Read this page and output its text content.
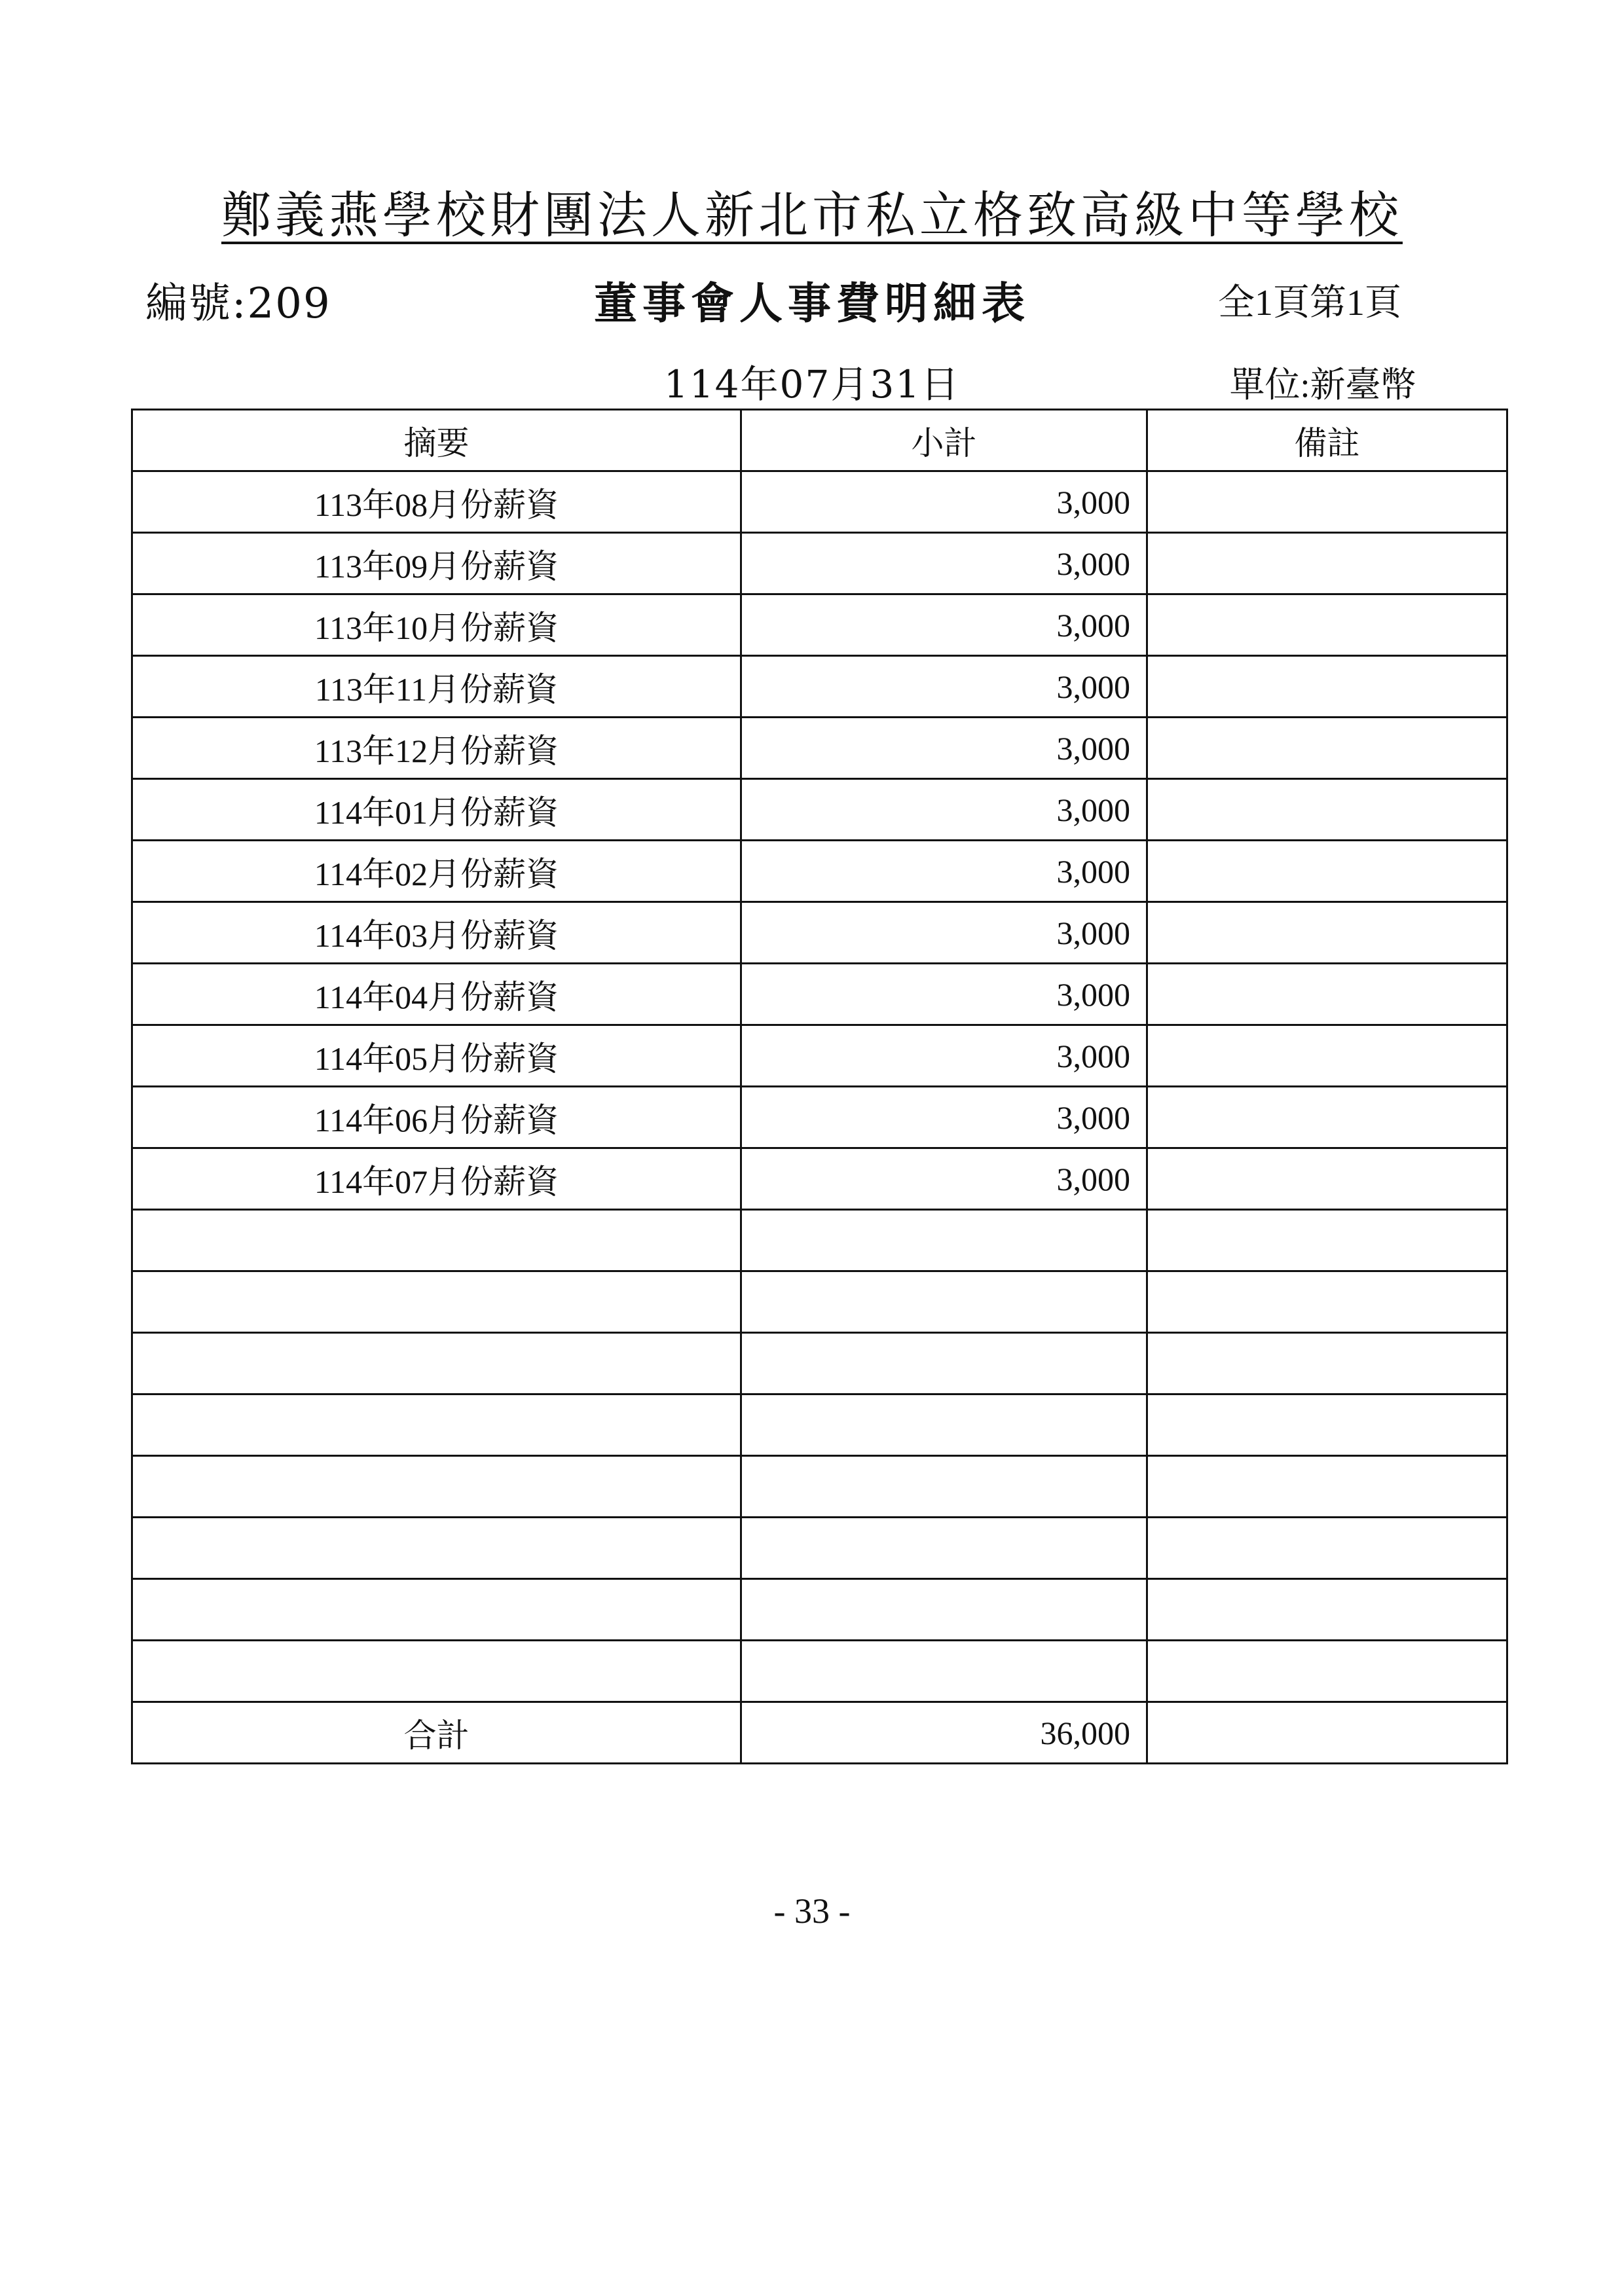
鄭義燕學校財團法人新北市私立格致高級中等學校
編號:209	董事會人事費明細表	全1頁第1頁
114年07月31日	單位:新臺幣
摘要	小計	備註
113年08月份薪資	3,000	
113年09月份薪資	3,000	
113年10月份薪資	3,000	
113年11月份薪資	3,000	
113年12月份薪資	3,000	
114年01月份薪資	3,000	
114年02月份薪資	3,000	
114年03月份薪資	3,000	
114年04月份薪資	3,000	
114年05月份薪資	3,000	
114年06月份薪資	3,000	
114年07月份薪資	3,000	

合計	36,000	
- 33 -
